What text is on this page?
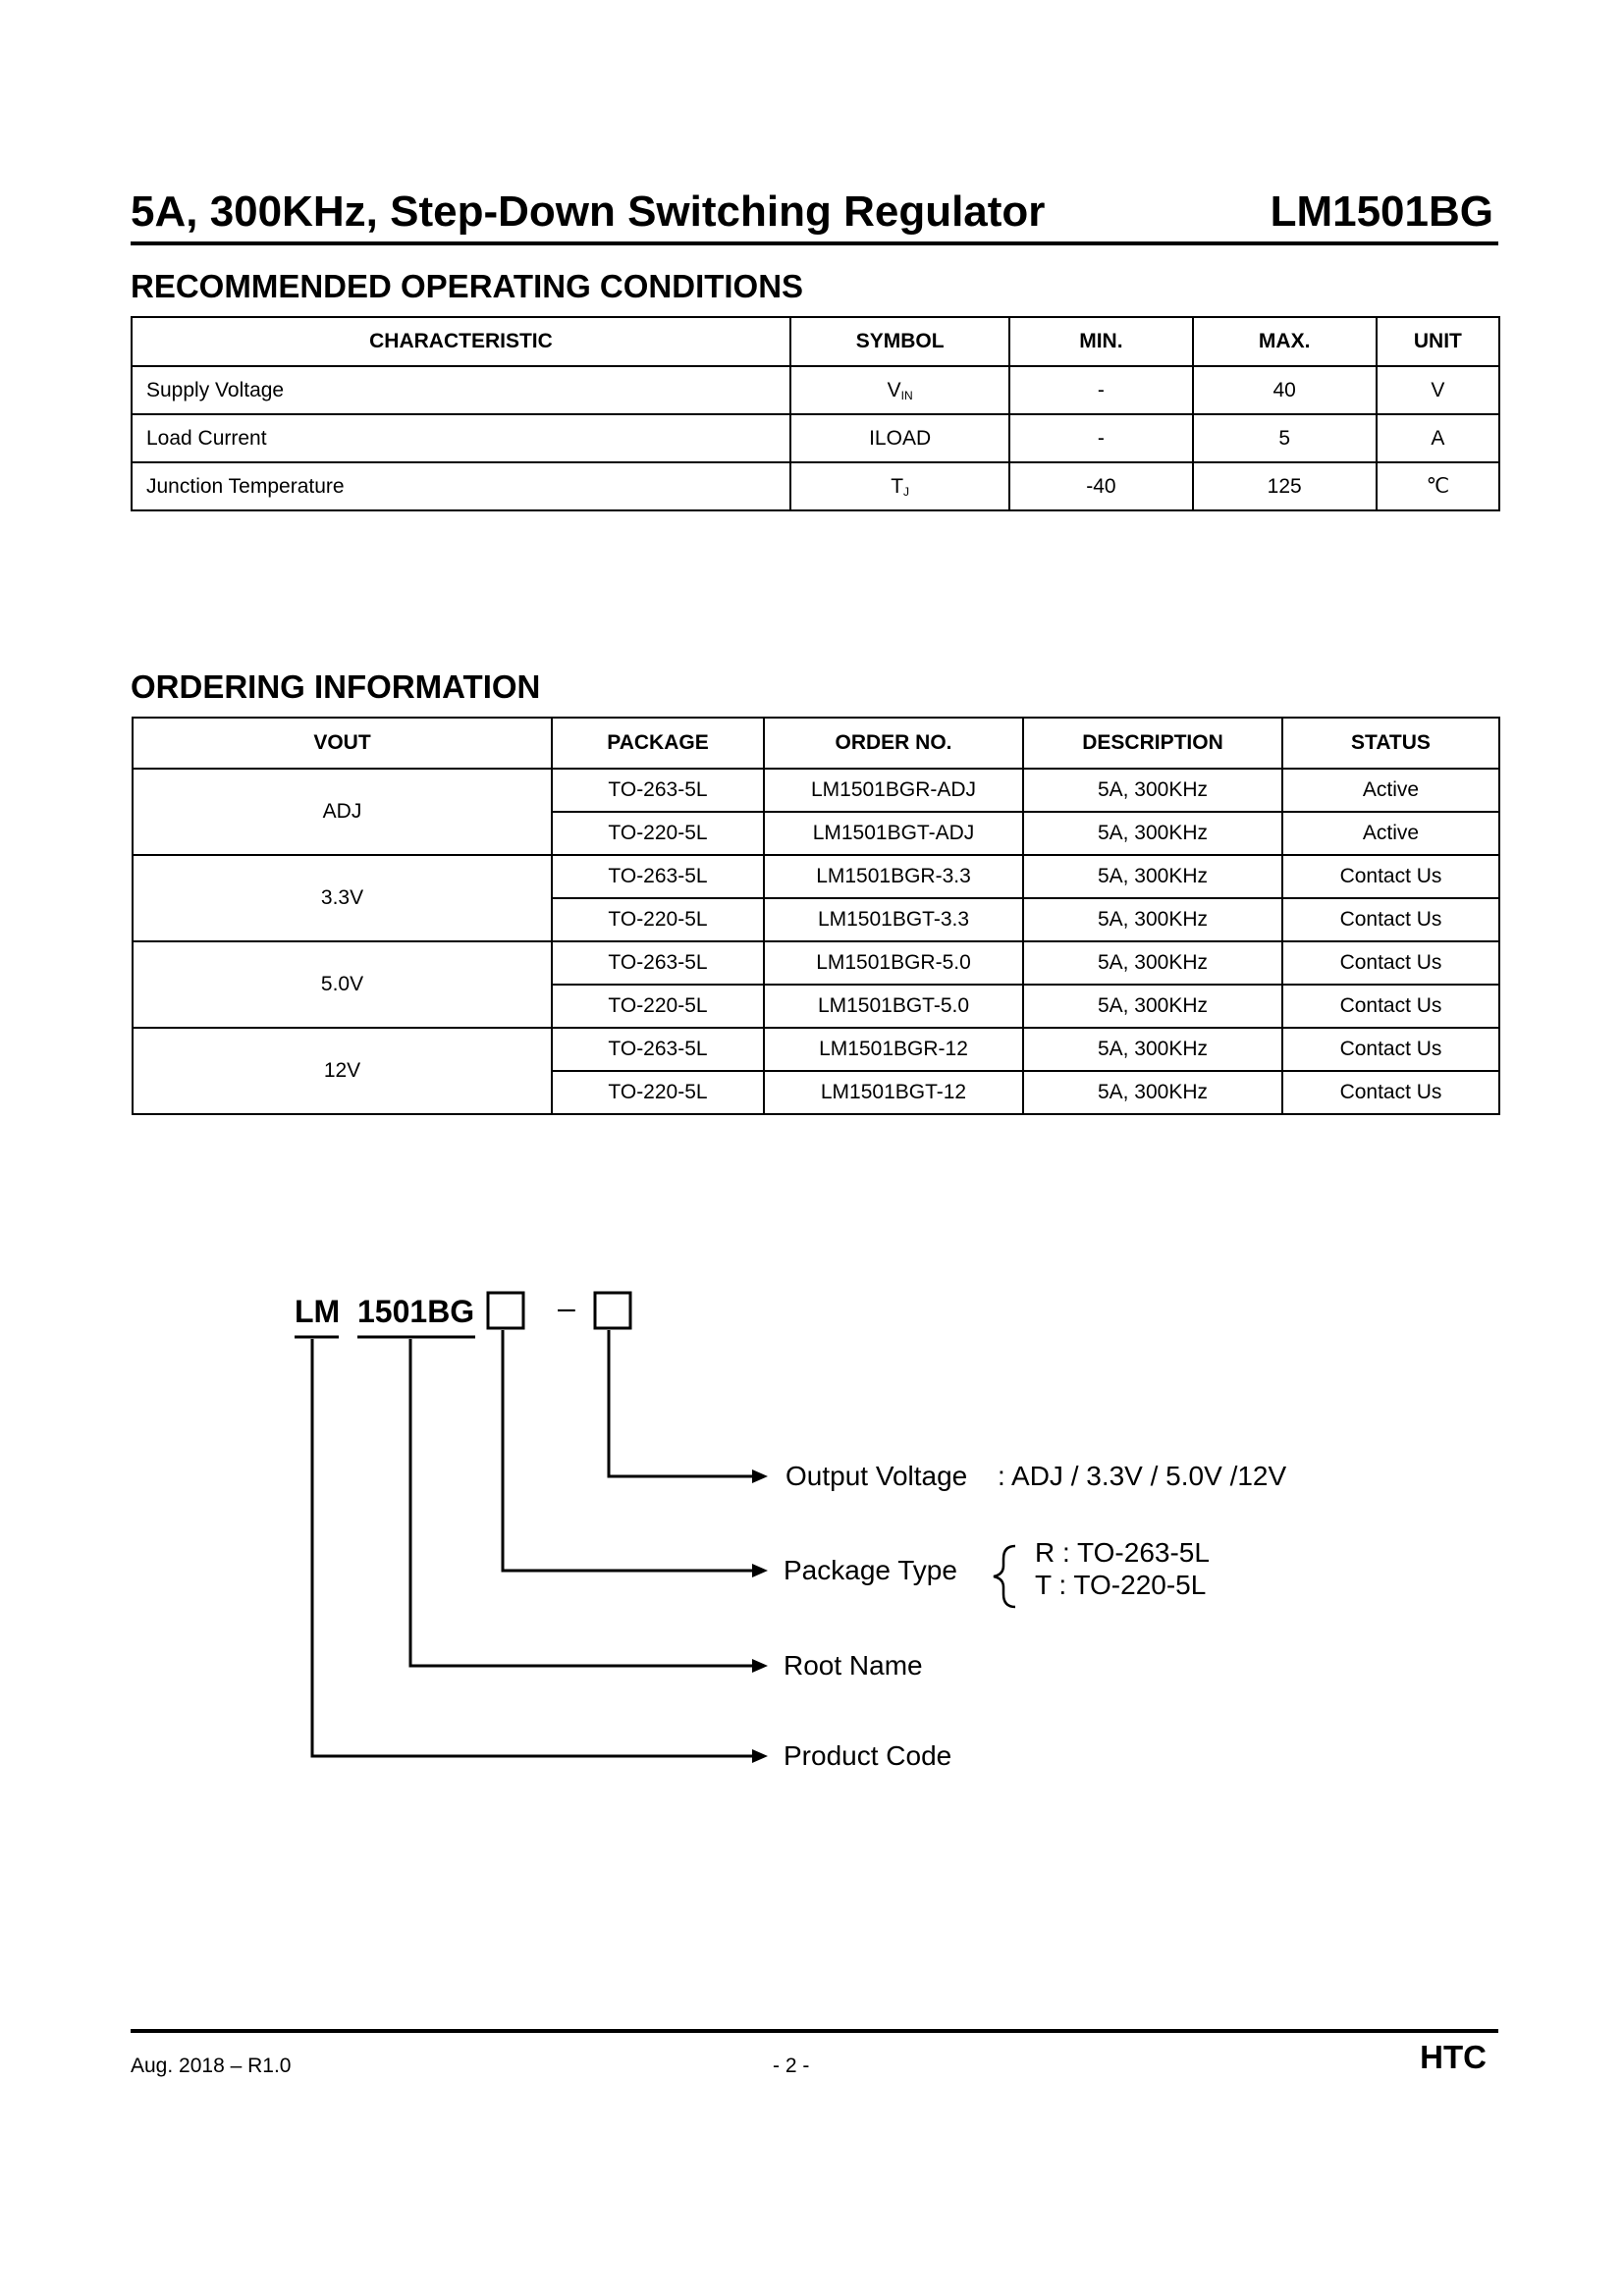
5A, 300KHz, Step-Down Switching Regulator	LM1501BG
RECOMMENDED OPERATING CONDITIONS
CHARACTERISTIC	SYMBOL	MIN.	MAX.	UNIT
Supply Voltage	$V_{IN}$	-	40	V
Load Current	ILOAD	-	5	A
Junction Temperature	$T_J$	-40	125	℃
ORDERING INFORMATION
VOUT	PACKAGE	ORDER NO.	DESCRIPTION	STATUS
ADJ	TO-263-5L	LM1501BGR-ADJ	5A, 300KHz	Active
	TO-220-5L	LM1501BGT-ADJ	5A, 300KHz	Active
3.3V	TO-263-5L	LM1501BGR-3.3	5A, 300KHz	Contact Us
	TO-220-5L	LM1501BGT-3.3	5A, 300KHz	Contact Us
5.0V	TO-263-5L	LM1501BGR-5.0	5A, 300KHz	Contact Us
	TO-220-5L	LM1501BGT-5.0	5A, 300KHz	Contact Us
12V	TO-263-5L	LM1501BGR-12	5A, 300KHz	Contact Us
	TO-220-5L	LM1501BGT-12	5A, 300KHz	Contact Us
LM 1501BG	–
Output Voltage : ADJ / 3.3V / 5.0V /12V
Package Type
R : TO-263-5L
T : TO-220-5L
Root Name
Product Code
Aug. 2018 – R1.0	- 2 -	HTC
